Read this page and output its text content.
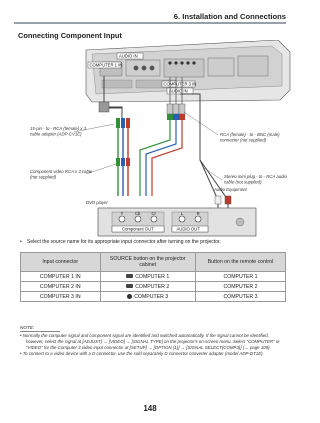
6. Installation and Connections
Connecting Component Input
AUDIO IN
COMPUTER 1 IN
COMPUTER 3 IN
AUDIO IN
Y	Cb	Cr	L	R
Component OUT	AUDIO OUT
15-pin - to - RCA (female) x 3
cable adapter (ADP-CV1E)	RCA (female) - to - BNC (male)
connector (not supplied)
Stereo mini plug - to - RCA audio
cable (not supplied)
Component video RCA x 3 cable
(not supplied)
DVD player
Audio Equipment
• Select the source name for its appropriate input connector after turning on the projector.
Input connector	SOURCE button on the projector cabinet	Button on the remote control
COMPUTER 1 IN	COMPUTER 1	COMPUTER 1
COMPUTER 2 IN	COMPUTER 2	COMPUTER 2
COMPUTER 3 IN	COMPUTER 3	COMPUTER 3
NOTE:
• Normally the computer signal and component signal are identified and switched automatically. If the signal cannot be identified, however, select the signal at [ADJUST] → [VIDEO] → [SIGNAL TYPE] on the projector's on-screen menu. Select "COMPUTER" or "VIDEO" for the Computer 3 video input connector at [SETUP] → [OPTION (1)] → [SIGNAL SELECT(COMP3)] (→ page 109).
• To connect to a video device with a D connector, use the sold separately D connector converter adapter (model ADP-DT1E).
148
